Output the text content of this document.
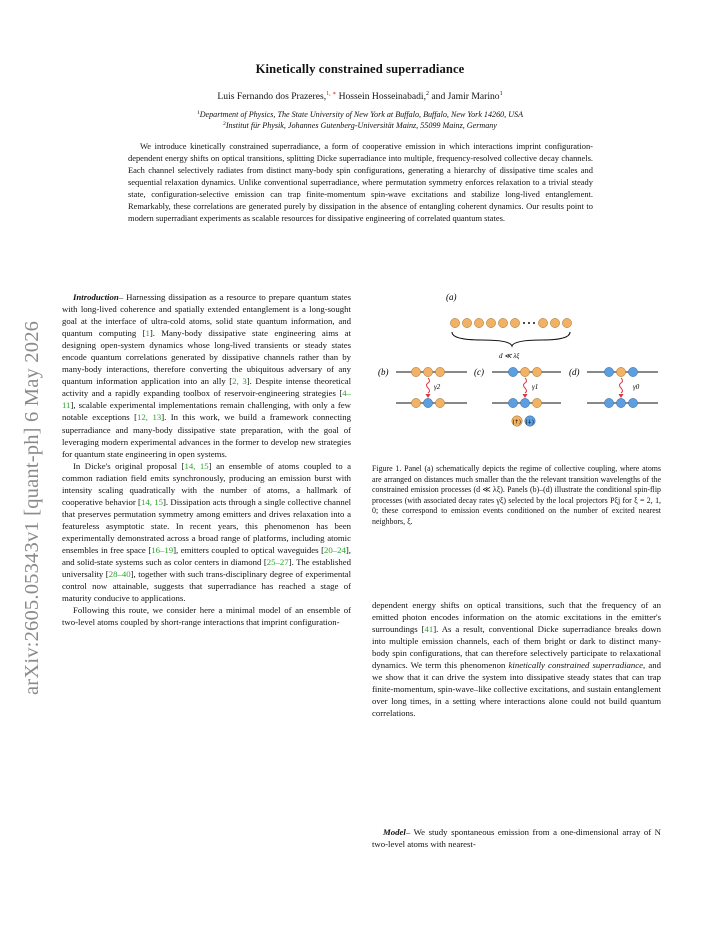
Kinetically constrained superradiance
Luis Fernando dos Prazeres,$^{1, ∗}$ Hossein Hosseinabadi,$^2$ and Jamir Marino$^1$
$^1$Department of Physics, The State University of New York at Buffalo, Buffalo, New York 14260, USA
$^2$Institut für Physik, Johannes Gutenberg-Universität Mainz, 55099 Mainz, Germany

We introduce kinetically constrained superradiance, a form of cooperative emission in which interactions imprint configuration-dependent energy shifts on optical transitions, splitting Dicke superradiance into multiple, frequency-resolved collective decay channels. Each channel selectively radiates from distinct many-body spin configurations, generating a hierarchy of dissipative time scales and sequential relaxation dynamics. Unlike conventional superradiance, where permutation symmetry enforces relaxation to a trivial steady state, configuration-selective emission can trap finite-momentum spin-wave excitations and stabilize long-lived entanglement. Remarkably, these correlations are generated purely by dissipation in the absence of entangling coherent dynamics. Our results point to modern superradiant experiments as scalable resources for dissipative engineering of correlated quantum states.

arXiv:2605.05343v1 [quant-ph] 6 May 2026

Introduction– Harnessing dissipation as a resource to prepare quantum states with long-lived coherence and spatially extended entanglement is a long-sought goal at the interface of ultra-cold atoms, solid state quantum information, and quantum computing [1]. Many-body dissipative state engineering aims at designing open-system dynamics whose long-lived transients or steady states encode quantum correlations generated by dissipative channels rather than by many-body interactions, therefore converting the ubiquitous adversary of any quantum information application into an ally [2, 3]. Despite intense theoretical activity and a rapidly expanding toolbox of reservoir-engineering strategies [4–11], scalable experimental implementations remain challenging, with only a few notable exceptions [12, 13]. In this work, we build a framework connecting superradiance and many-body dissipative state preparation, with the goal of leveraging modern experimental advances in the former to develop new strategies for quantum state engineering in open systems.

In Dicke's original proposal [14, 15] an ensemble of atoms coupled to a common radiation field emits synchronously, producing an emission burst with intensity scaling quadratically with the number of atoms, a hallmark of cooperative behavior [14, 15]. Dissipation acts through a single collective channel that preserves permutation symmetry among emitters and drives relaxation into a featureless asymptotic state. In recent years, this phenomenon has been experimentally demonstrated across a broad range of platforms, including atomic ensembles in free space [16–19], emitters coupled to optical waveguides [20–24], and solid-state systems such as color centers in diamond [25–27]. The established universality [28–40], together with such trans-disciplinary degree of experimental control now attainable, suggests that superradiance has reached a stage of maturity conducive to applications.

Following this route, we consider here a minimal model of an ensemble of two-level atoms coupled by short-range interactions that imprint configuration-

(a)
d ≪ λξ
(b)
γ2
(c)
γ1
|↑⟩ |↓⟩
(d)
γ0

Figure 1. Panel (a) schematically depicts the regime of collective coupling, where atoms are arranged on distances much smaller than the the relevant transition wavelengths of the constrained emission processes (d ≪ λξ). Panels (b)–(d) illustrate the conditional spin-flip processes (with associated decay rates γξ) selected by the local projectors Pξj for ξ = 2, 1, 0; these correspond to emission events conditioned on the number of excited nearest neighbors, ξ.

dependent energy shifts on optical transitions, such that the frequency of an emitted photon encodes information on the atomic excitations in the emitter's surroundings [41]. As a result, conventional Dicke superradiance breaks down into multiple emission channels, each of them bright or dark to distinct many-body spin configurations, that can therefore selectively participate to relaxational dynamics. We term this phenomenon kinetically constrained superradiance, and we show that it can drive the system into dissipative steady states that can trap finite-momentum, spin-wave–like collective excitations, and sustain entanglement over long times, in a setting where interactions alone could not build quantum correlations.

Model– We study spontaneous emission from a one-dimensional array of N two-level atoms with nearest-
